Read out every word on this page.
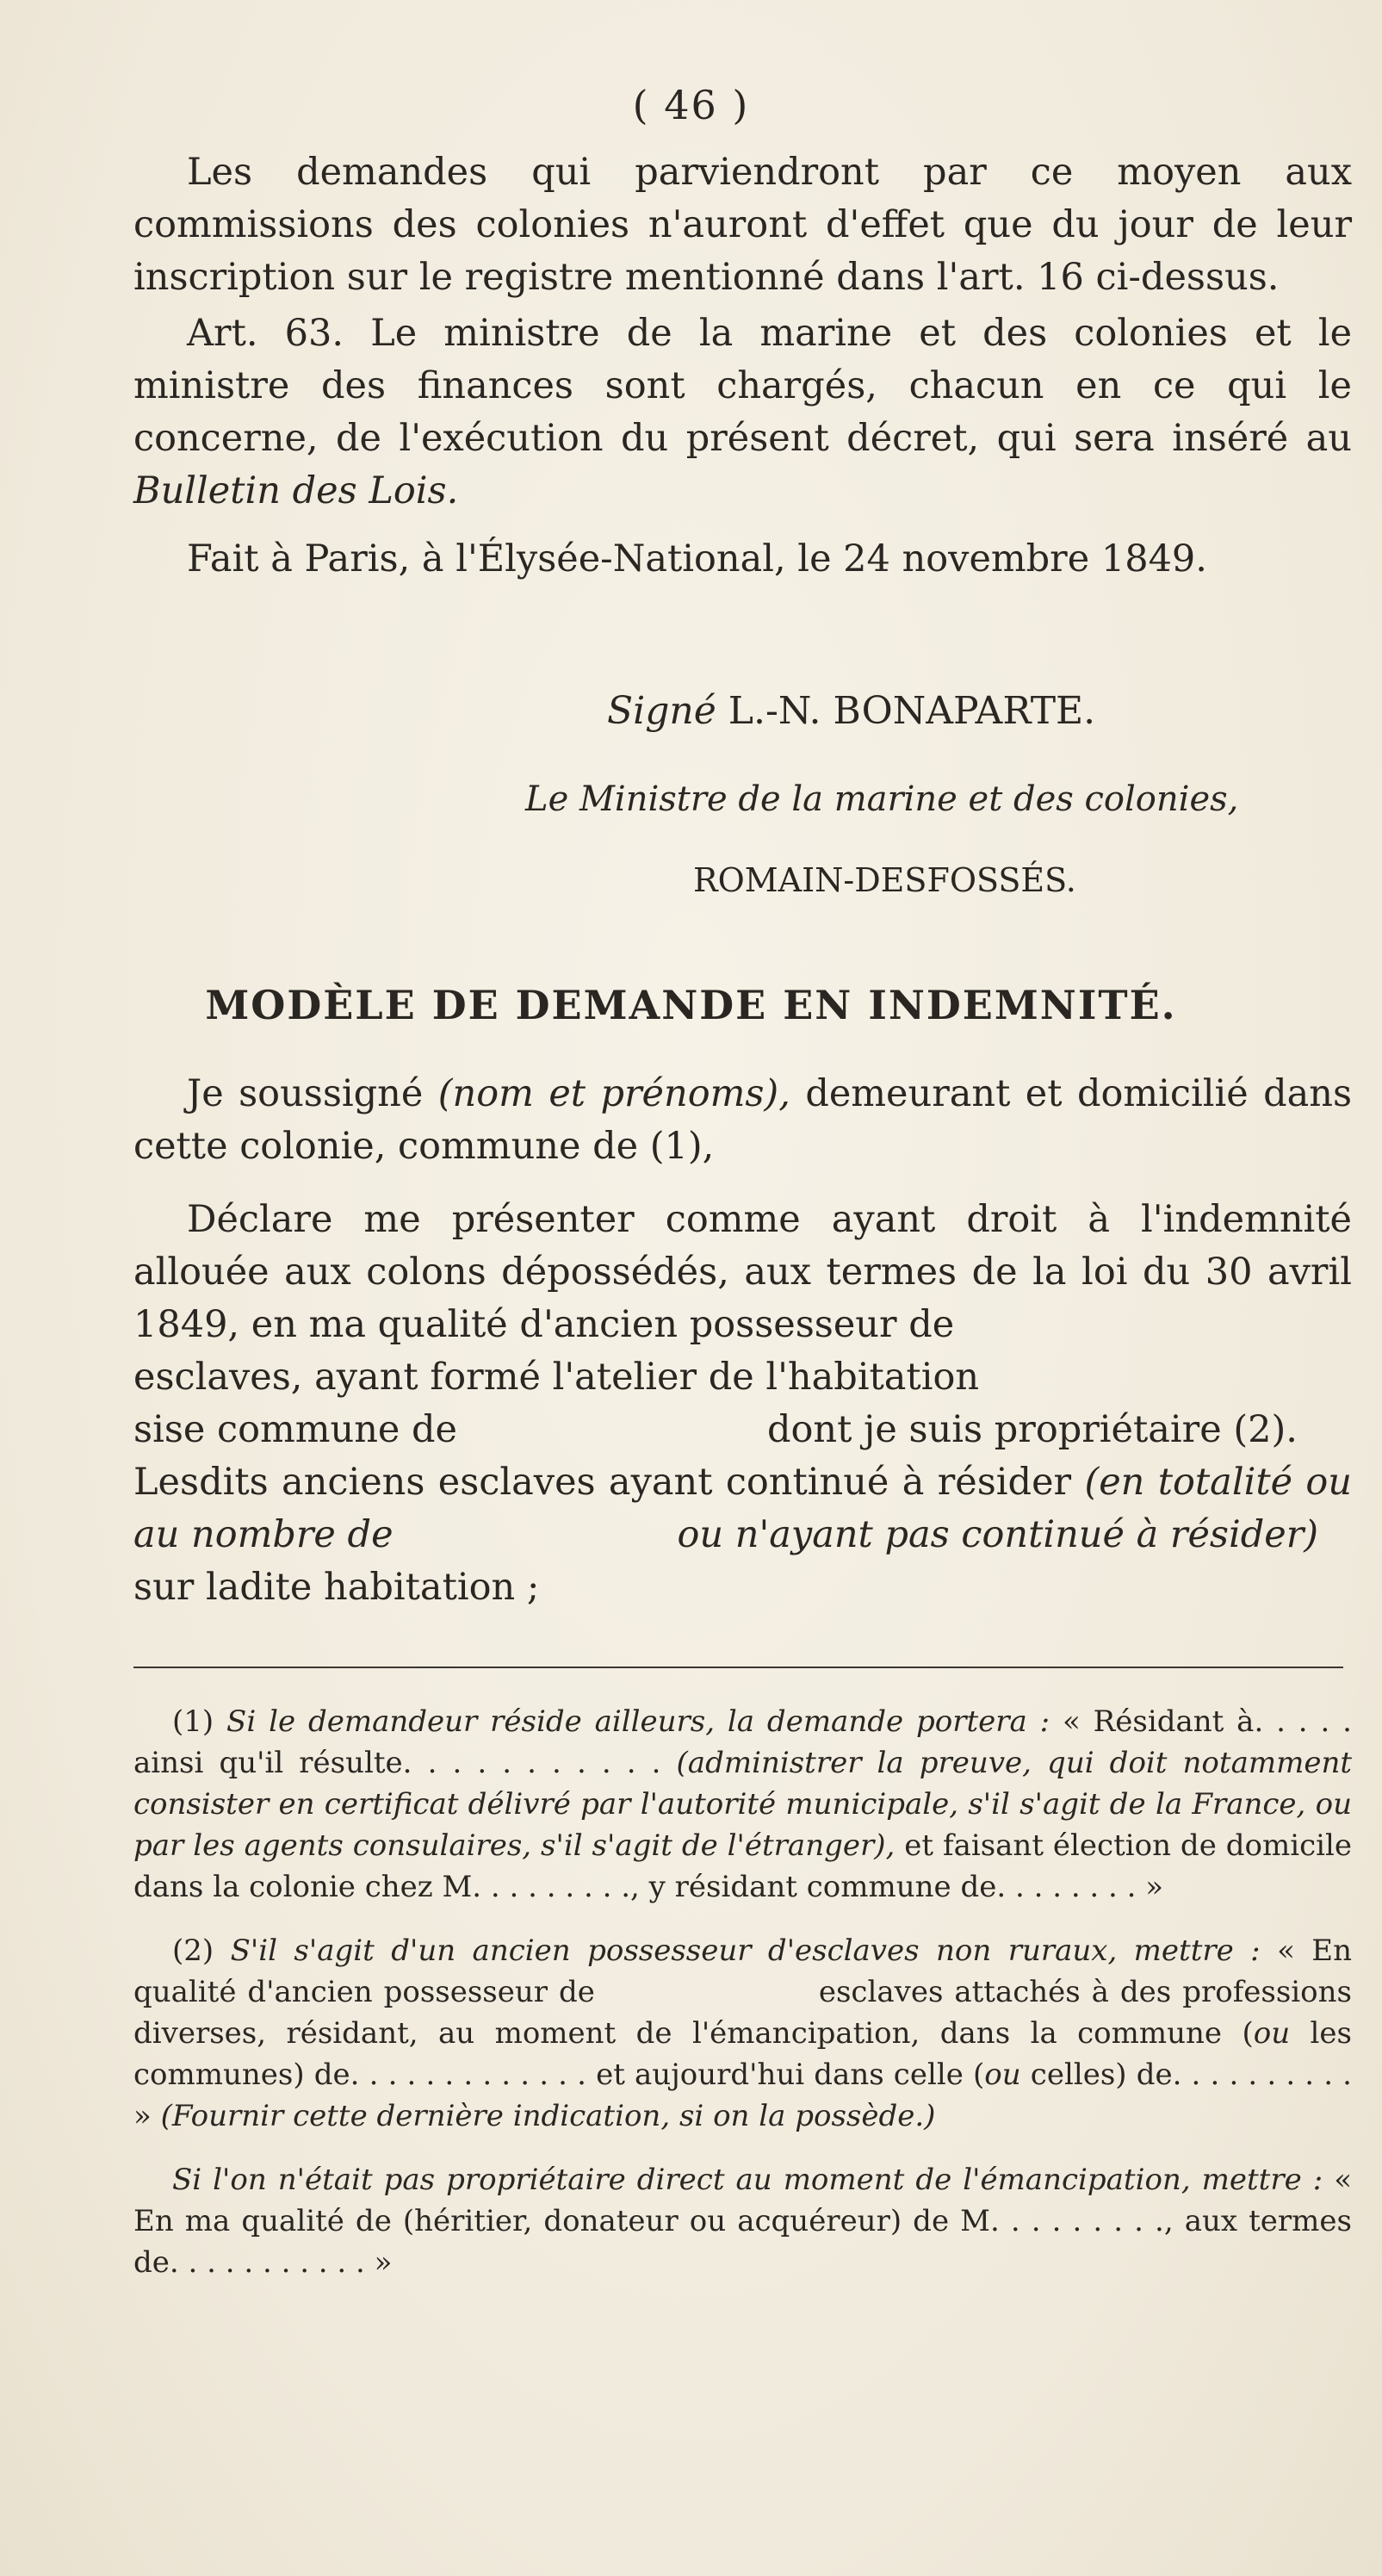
( 46 )

Les demandes qui parviendront par ce moyen aux commissions des colonies n'auront d'effet que du jour de leur inscription sur le registre mentionné dans l'art. 16 ci-dessus.

Art. 63. Le ministre de la marine et des colonies et le ministre des finances sont chargés, chacun en ce qui le concerne, de l'exécution du présent décret, qui sera inséré au Bulletin des Lois.

Fait à Paris, à l'Élysée-National, le 24 novembre 1849.

Signé L.-N. BONAPARTE.
Le Ministre de la marine et des colonies,
ROMAIN-DESFOSSÉS.
MODÈLE DE DEMANDE EN INDEMNITÉ.

Je soussigné (nom et prénoms), demeurant et domicilié dans cette colonie, commune de (1),

Déclare me présenter comme ayant droit à l'indemnité allouée aux colons dépossédés, aux termes de la loi du 30 avril 1849, en ma qualité d'ancien possesseur de

esclaves, ayant formé l'atelier de l'habitation

sise commune de	dont je suis propriétaire (2).

Lesdits anciens esclaves ayant continué à résider (en totalité ou au nombre de	ou n'ayant pas continué à résider)

sur ladite habitation ;

(1) Si le demandeur réside ailleurs, la demande portera : « Résidant à. . . . . ainsi qu'il résulte. . . . . . . . . . . (administrer la preuve, qui doit notamment consister en certificat délivré par l'autorité municipale, s'il s'agit de la France, ou par les agents consulaires, s'il s'agit de l'étranger), et faisant élection de domicile dans la colonie chez M. . . . . . . . ., y résidant commune de. . . . . . . . »

(2) S'il s'agit d'un ancien possesseur d'esclaves non ruraux, mettre : « En qualité d'ancien possesseur de	esclaves attachés à des professions diverses, résidant, au moment de l'émancipation, dans la commune (ou les communes) de. . . . . . . . . . . . . et aujourd'hui dans celle (ou celles) de. . . . . . . . . . » (Fournir cette dernière indication, si on la possède.)

Si l'on n'était pas propriétaire direct au moment de l'émancipation, mettre : « En ma qualité de (héritier, donateur ou acquéreur) de M. . . . . . . . ., aux termes de. . . . . . . . . . . »
